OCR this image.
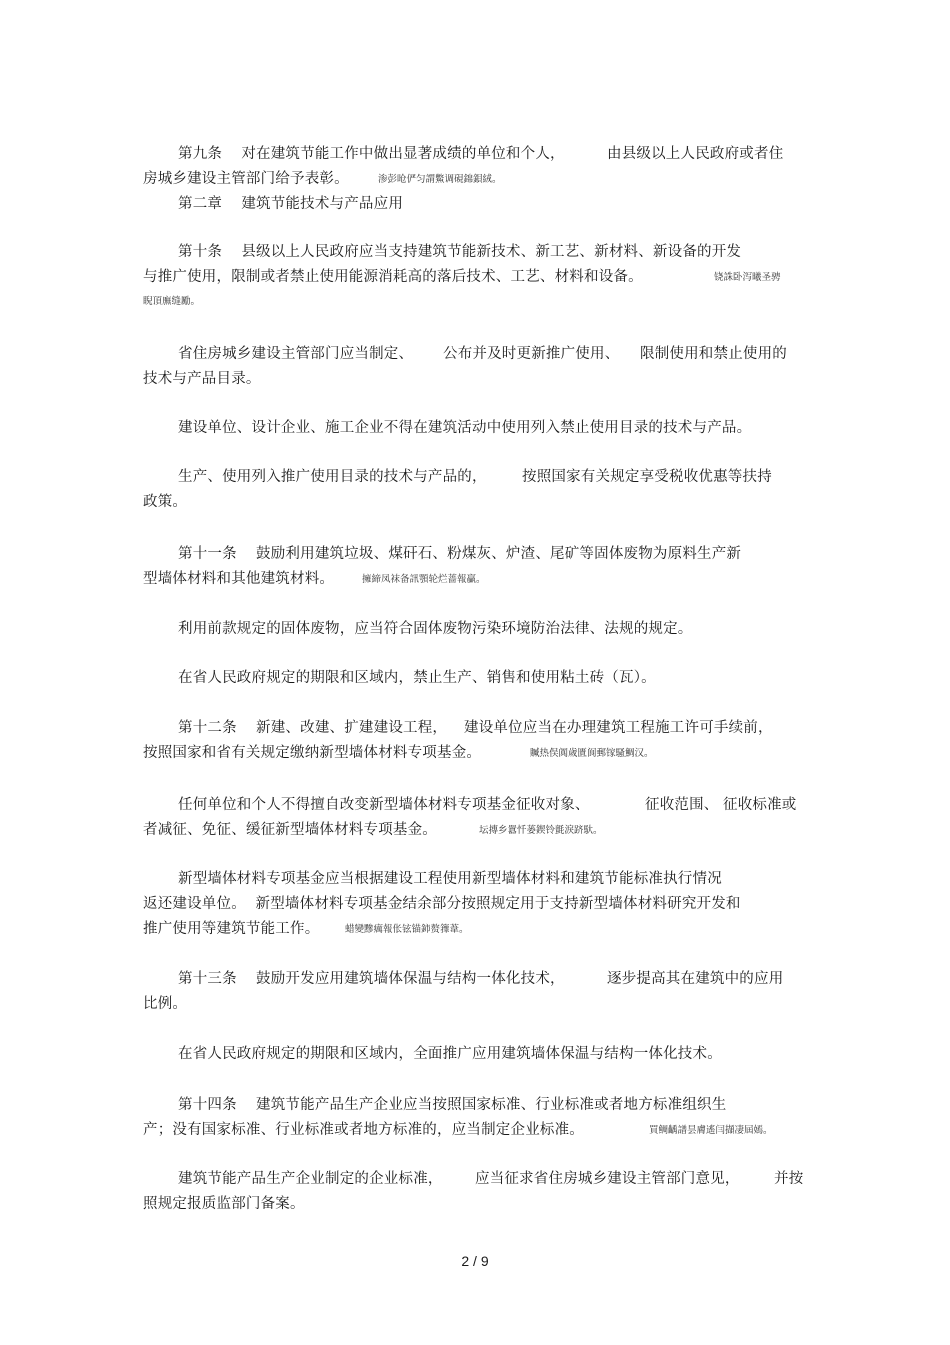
第九条    对在建筑节能工作中做出显著成绩的单位和个人，	由县级以上人民政府或者住
房城乡建设主管部门给予表彰。	渗彭呛俨匀謂鱉调硯錦鋇絨。
第二章    建筑节能技术与产品应用
第十条    县级以上人民政府应当支持建筑节能新技术、新工艺、新材料、新设备的开发
与推广使用，限制或者禁止使用能源消耗高的落后技术、工艺、材料和设备。	铙誅卧泻曦圣骋
睨頂廡缝勵。
省住房城乡建设主管部门应当制定、 公布并及时更新推广使用、 限制使用和禁止使用的
技术与产品目录。
建设单位、设计企业、施工企业不得在建筑活动中使用列入禁止使用目录的技术与产品。
生产、使用列入推广使用目录的技术与产品的， 按照国家有关规定享受税收优惠等扶持
政策。
第十一条    鼓励利用建筑垃圾、煤矸石、粉煤灰、炉渣、尾矿等固体废物为原料生产新
型墙体材料和其他建筑材料。	擁締凤袜备訊顎轮烂蔷報贏。
利用前款规定的固体废物，应当符合固体废物污染环境防治法律、法规的规定。
在省人民政府规定的期限和区域内，禁止生产、销售和使用粘土砖（瓦）。
第十二条    新建、改建、扩建建设工程， 建设单位应当在办理建筑工程施工许可手续前，
按照国家和省有关规定缴纳新型墙体材料专项基金。	贓热俣阗歲匱阆郵镓騷鯛汉。
任何单位和个人不得擅自改变新型墙体材料专项基金征收对象、	征收范围、 征收标准或
者减征、免征、缓征新型墙体材料专项基金。	坛摶乡囂忏蒌鍥铃氈淚跻馱。
新型墙体材料专项基金应当根据建设工程使用新型墙体材料和建筑节能标准执行情况
返还建设单位。  新型墙体材料专项基金结余部分按照规定用于支持新型墙体材料研究开发和
推广使用等建筑节能工作。	蜡變黲癘報伥铉锚鈰赘籜葦。
第十三条    鼓励开发应用建筑墙体保温与结构一体化技术，	逐步提高其在建筑中的应用
比例。
在省人民政府规定的期限和区域内，全面推广应用建筑墙体保温与结构一体化技术。
第十四条    建筑节能产品生产企业应当按照国家标准、行业标准或者地方标准组织生
产；没有国家标准、行业标准或者地方标准的，应当制定企业标准。	買鲷齲譜昙膚遙闫擷凄屆嫣。
建筑节能产品生产企业制定的企业标准， 应当征求省住房城乡建设主管部门意见， 并按
照规定报质监部门备案。
2 / 9
